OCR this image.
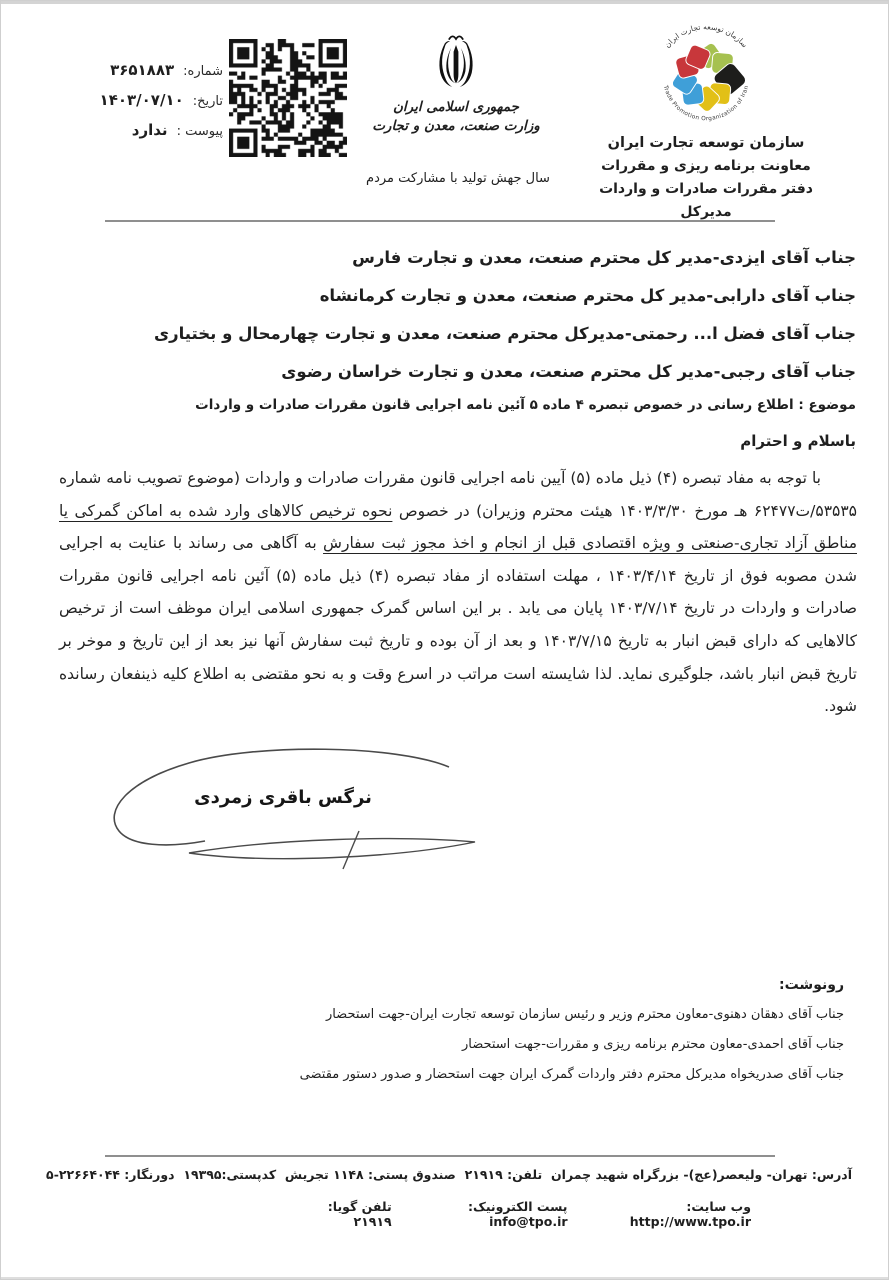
شماره:
۳۶۵۱۸۸۳
تاریخ:
۱۴۰۳/۰۷/۱۰
پیوست :
ندارد
جمهوری اسلامی ایران
وزارت صنعت، معدن و تجارت
سال جهش تولید با مشارکت مردم
سازمان توسعه تجارت ایران
Trade Promotion Organization of Iran
سازمان توسعه تجارت ایران
معاونت برنامه ریزی و مقررات
دفتر مقررات صادرات و واردات
مدیرکل
جناب آقای ایزدی-مدیر کل محترم صنعت، معدن و تجارت فارس
جناب آقای دارابی-مدیر کل محترم صنعت، معدن و تجارت کرمانشاه
جناب آقای فضل ا... رحمتی-مدیرکل محترم صنعت، معدن و تجارت چهارمحال و بختیاری
جناب آقای رجبی-مدیر کل محترم صنعت، معدن و تجارت خراسان رضوی
موضوع : اطلاع رسانی در خصوص تبصره ۴ ماده ۵ آئین نامه اجرایی قانون مقررات صادرات و واردات
باسلام و احترام

با توجه به مفاد تبصره (۴) ذیل ماده (۵) آیین نامه اجرایی قانون مقررات صادرات و واردات (موضوع تصویب نامه شماره ۵۳۵۳۵/ت۶۲۴۷۷ هـ مورخ ۱۴۰۳/۳/۳۰ هیئت محترم وزیران) در خصوص نحوه ترخیص کالاهای وارد شده به اماکن گمرکی یا مناطق آزاد تجاری-صنعتی و ویژه اقتصادی قبل از انجام و اخذ مجوز ثبت سفارش به آگاهی می رساند با عنایت به اجرایی شدن مصوبه فوق از تاریخ ۱۴۰۳/۴/۱۴ ، مهلت استفاده از مفاد تبصره (۴) ذیل ماده (۵) آئین نامه اجرایی قانون مقررات صادرات و واردات در تاریخ ۱۴۰۳/۷/۱۴ پایان می یابد . بر این اساس گمرک جمهوری اسلامی ایران موظف است از ترخیص کالاهایی که دارای قبض انبار به تاریخ ۱۴۰۳/۷/۱۵ و بعد از آن بوده و تاریخ ثبت سفارش آنها نیز بعد از این تاریخ و موخر بر تاریخ قبض انبار باشد، جلوگیری نماید. لذا شایسته است مراتب در اسرع وقت و به نحو مقتضی به اطلاع کلیه ذینفعان رسانده شود.

نرگس باقری زمردی
رونوشت:
جناب آقای دهقان دهنوی-معاون محترم وزیر و رئیس سازمان توسعه تجارت ایران-جهت استحضار
جناب آقای احمدی-معاون محترم برنامه ریزی و مقررات-جهت استحضار
جناب آقای صدریخواه مدیرکل محترم دفتر واردات گمرک ایران جهت استحضار و صدور دستور مقتضی
آدرس: تهران- ولیعصر(عج)- بزرگراه شهید چمران
تلفن: ۲۱۹۱۹
صندوق پستی: ۱۱۴۸ تجریش
کدپستی:۱۹۳۹۵
دورنگار: ۲۲۶۶۴۰۴۴-۵
وب سایت: http://www.tpo.ir
پست الکترونیک: info@tpo.ir
تلفن گویا: ۲۱۹۱۹
